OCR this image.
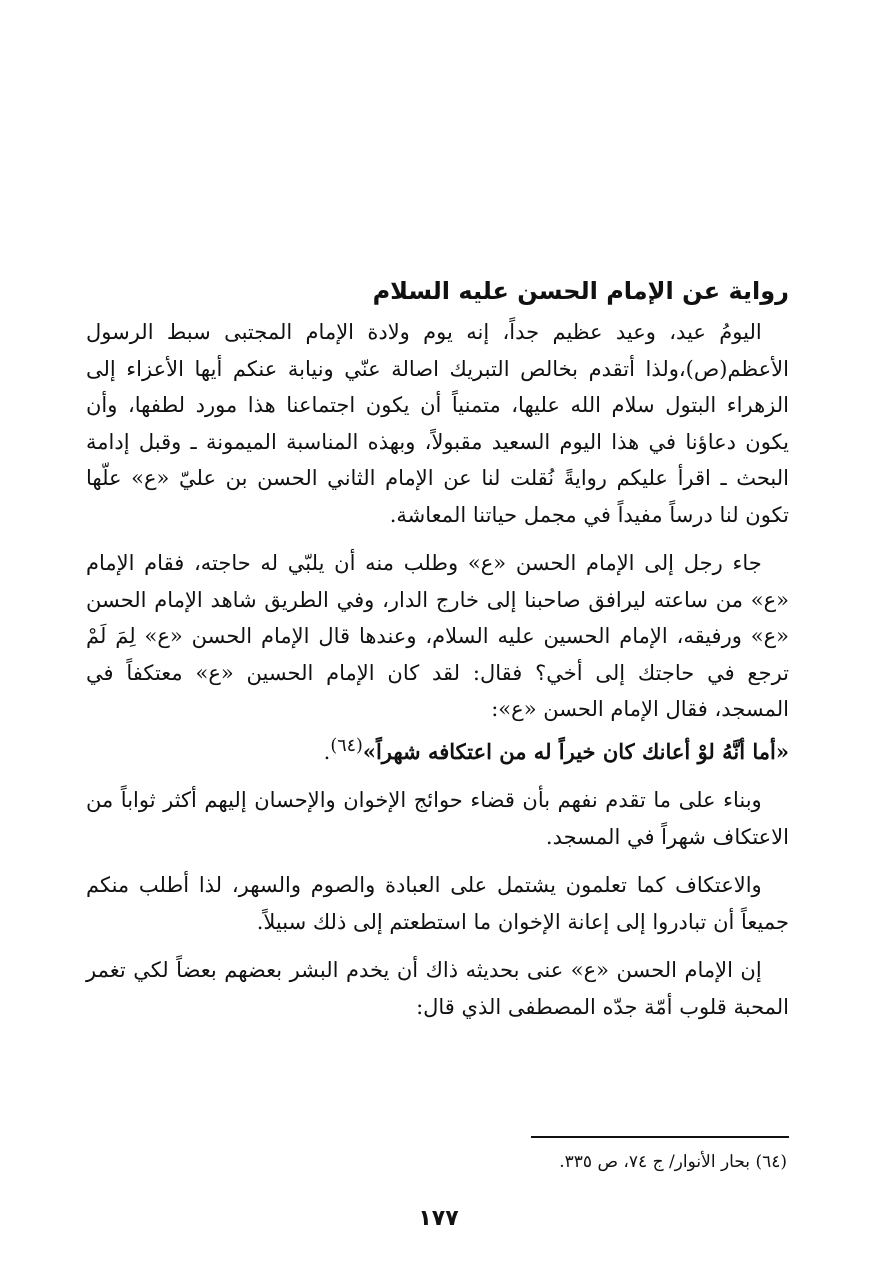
رواية عن الإمام الحسن عليه السلام

اليومُ عيد، وعيد عظيم جداً، إنه يوم ولادة الإمام المجتبى سبط الرسول الأعظم(ص)،ولذا أتقدم بخالص التبريك اصالة عنّي ونيابة عنكم أيها الأعزاء إلى الزهراء البتول سلام الله عليها، متمنياً أن يكون اجتماعنا هذا مورد لطفها، وأن يكون دعاؤنا في هذا اليوم السعيد مقبولاً، وبهذه المناسبة الميمونة ـ وقبل إدامة البحث ـ اقرأ عليكم روايةً نُقلت لنا عن الإمام الثاني الحسن بن عليّ «ع» علّها تكون لنا درساً مفيداً في مجمل حياتنا المعاشة.

جاء رجل إلى الإمام الحسن «ع» وطلب منه أن يلبّي له حاجته، فقام الإمام «ع» من ساعته ليرافق صاحبنا إلى خارج الدار، وفي الطريق شاهد الإمام الحسن «ع» ورفيقه، الإمام الحسين عليه السلام، وعندها قال الإمام الحسن «ع» لِمَ لَمْ ترجع في حاجتك إلى أخي؟ فقال: لقد كان الإمام الحسين «ع» معتكفاً في المسجد، فقال الإمام الحسن «ع»:
«أما أنَّهُ لوْ أعانك كان خيراً له من اعتكافه شهراً»$^{(٦٤)}$.

وبناء على ما تقدم نفهم بأن قضاء حوائج الإخوان والإحسان إليهم أكثر ثواباً من الاعتكاف شهراً في المسجد.

والاعتكاف كما تعلمون يشتمل على العبادة والصوم والسهر، لذا أطلب منكم جميعاً أن تبادروا إلى إعانة الإخوان ما استطعتم إلى ذلك سبيلاً.

إن الإمام الحسن «ع» عنى بحديثه ذاك أن يخدم البشر بعضهم بعضاً لكي تغمر المحبة قلوب أمّة جدّه المصطفى الذي قال:

(٦٤) بحار الأنوار/ ج ٧٤، ص ٣٣٥.
١٧٧
